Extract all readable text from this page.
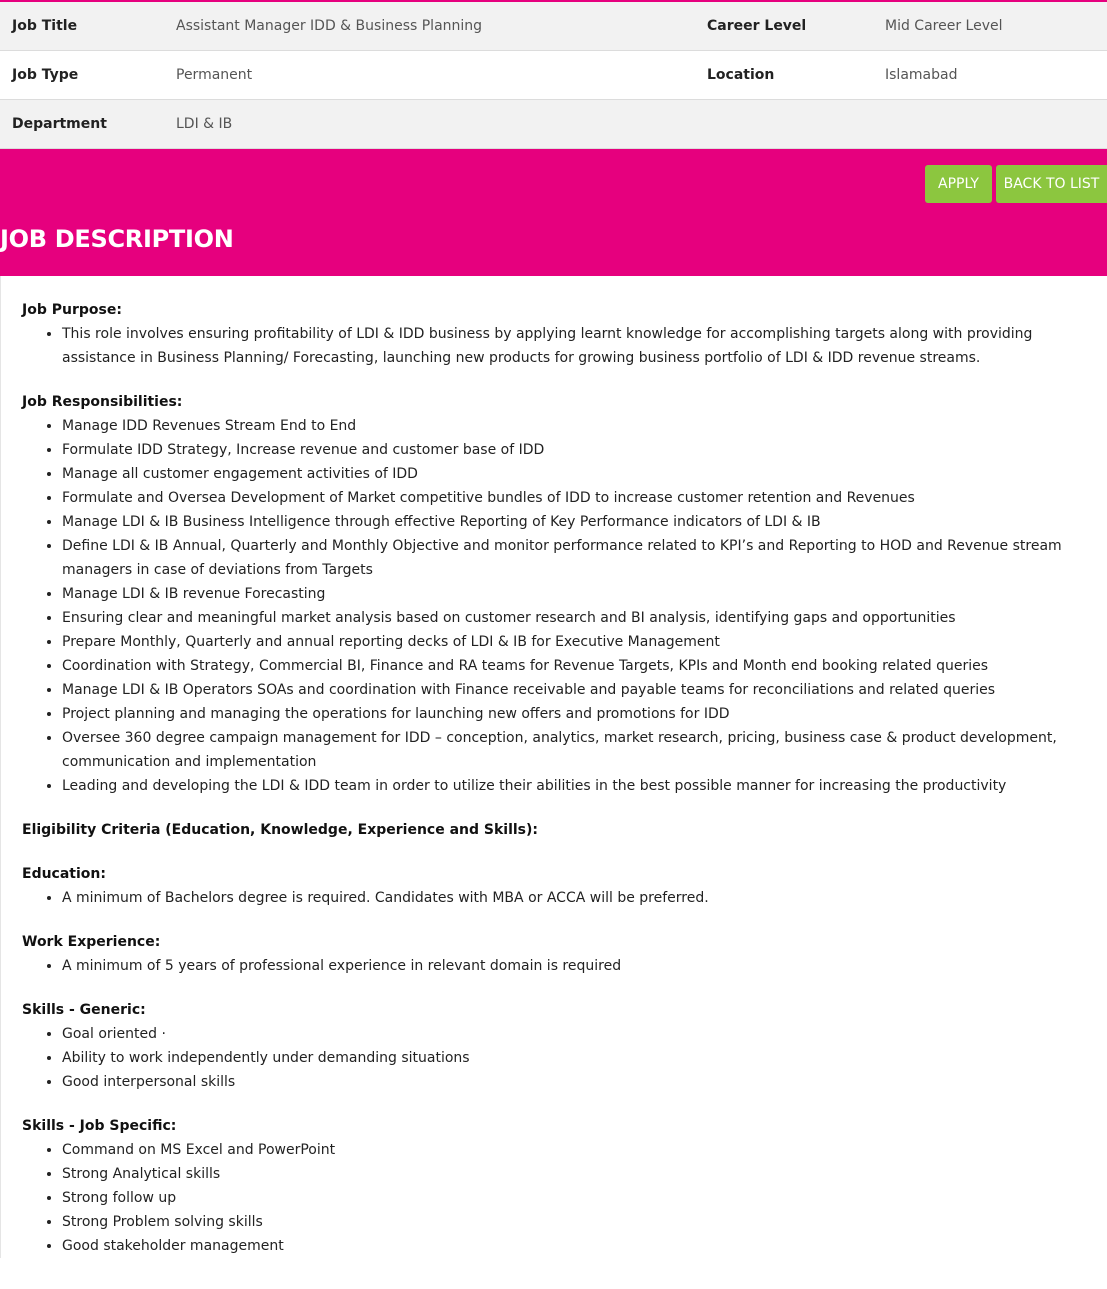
Job Title	Assistant Manager IDD & Business Planning	Career Level	Mid Career Level
Job Type	Permanent	Location	Islamabad
Department	LDI & IB
APPLY	BACK TO LIST
JOB DESCRIPTION

Job Purpose:

• This role involves ensuring profitability of LDI & IDD business by applying learnt knowledge for accomplishing targets along with providing assistance in Business Planning/ Forecasting, launching new products for growing business portfolio of LDI & IDD revenue streams.

Job Responsibilities:

• Manage IDD Revenues Stream End to End
• Formulate IDD Strategy, Increase revenue and customer base of IDD
• Manage all customer engagement activities of IDD
• Formulate and Oversea Development of Market competitive bundles of IDD to increase customer retention and Revenues
• Manage LDI & IB Business Intelligence through effective Reporting of Key Performance indicators of LDI & IB
• Define LDI & IB Annual, Quarterly and Monthly Objective and monitor performance related to KPI’s and Reporting to HOD and Revenue stream managers in case of deviations from Targets
• Manage LDI & IB revenue Forecasting
• Ensuring clear and meaningful market analysis based on customer research and BI analysis, identifying gaps and opportunities
• Prepare Monthly, Quarterly and annual reporting decks of LDI & IB for Executive Management
• Coordination with Strategy, Commercial BI, Finance and RA teams for Revenue Targets, KPIs and Month end booking related queries
• Manage LDI & IB Operators SOAs and coordination with Finance receivable and payable teams for reconciliations and related queries
• Project planning and managing the operations for launching new offers and promotions for IDD
• Oversee 360 degree campaign management for IDD – conception, analytics, market research, pricing, business case & product development, communication and implementation
• Leading and developing the LDI & IDD team in order to utilize their abilities in the best possible manner for increasing the productivity

Eligibility Criteria (Education, Knowledge, Experience and Skills):

Education:

• A minimum of Bachelors degree is required. Candidates with MBA or ACCA will be preferred.

Work Experience:

• A minimum of 5 years of professional experience in relevant domain is required

Skills - Generic:

• Goal oriented ·
• Ability to work independently under demanding situations
• Good interpersonal skills

Skills - Job Specific:

• Command on MS Excel and PowerPoint
• Strong Analytical skills
• Strong follow up
• Strong Problem solving skills
• Good stakeholder management
